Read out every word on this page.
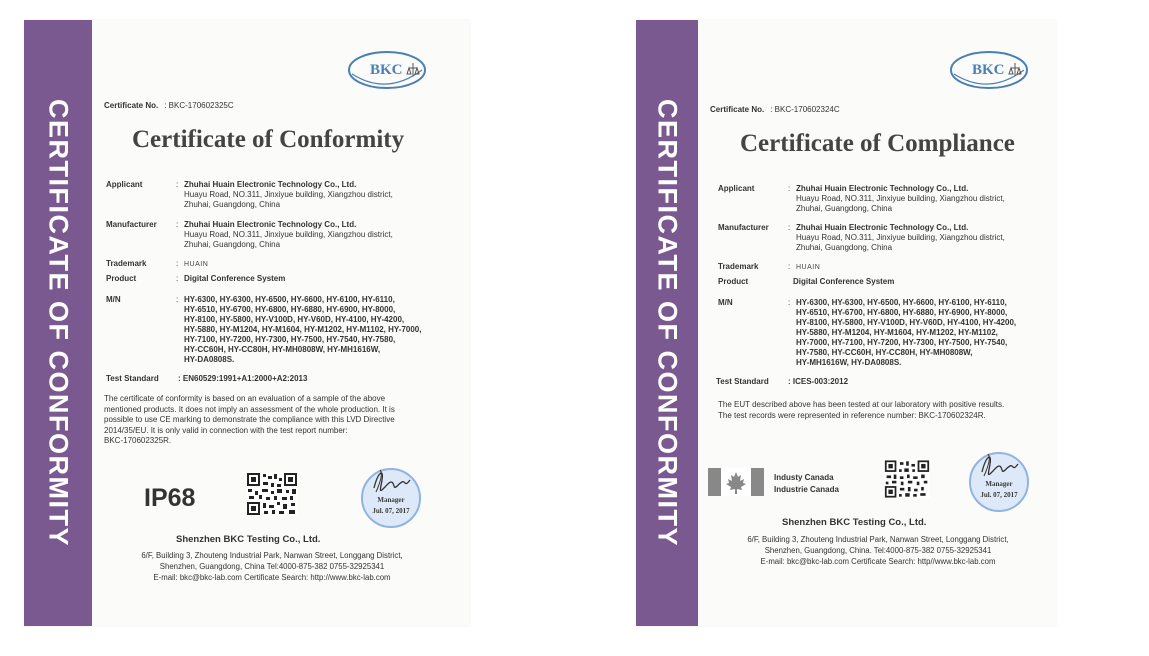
CERTIFICATE OF CONFORMITY
BKC
Certificate No. : BKC-170602325C
Certificate of Conformity
Applicant	: Zhuhai Huain Electronic Technology Co., Ltd.
Huayu Road, NO.311, Jinxiyue building, Xiangzhou district,
Zhuhai, Guangdong, China
Manufacturer	: Zhuhai Huain Electronic Technology Co., Ltd.
Huayu Road, NO.311, Jinxiyue building, Xiangzhou district,
Zhuhai, Guangdong, China
Trademark	: HUAIN
Product	: Digital Conference System
M/N	: HY-6300, HY-6300, HY-6500, HY-6600, HY-6100, HY-6110,
HY-6510, HY-6700, HY-6800, HY-6880, HY-6900, HY-8000,
HY-8100, HY-5800, HY-V100D, HY-V60D, HY-4100, HY-4200,
HY-5880, HY-M1204, HY-M1604, HY-M1202, HY-M1102, HY-7000,
HY-7100, HY-7200, HY-7300, HY-7500, HY-7540, HY-7580,
HY-CC60H, HY-CC80H, HY-MH0808W, HY-MH1616W,
HY-DA0808S.
Test Standard	: EN60529:1991+A1:2000+A2:2013
The certificate of conformity is based on an evaluation of a sample of the above
mentioned products. It does not imply an assessment of the whole production. It is
possible to use CE marking to demonstrate the compliance with this LVD Directive
2014/35/EU. It is only valid in connection with the test report number:
BKC-170602325R.
IP68	Manager
Jul. 07, 2017
Shenzhen BKC Testing Co., Ltd.
6/F, Building 3, Zhouteng Industrial Park, Nanwan Street, Longgang District,
Shenzhen, Guangdong, China Tel:4000-875-382 0755-32925341
E-mail: bkc@bkc-lab.com Certificate Search: http://www.bkc-lab.com
CERTIFICATE OF CONFORMITY
BKC
Certificate No. : BKC-170602324C
Certificate of Compliance
Applicant	: Zhuhai Huain Electronic Technology Co., Ltd.
Huayu Road, NO.311, Jinxiyue building, Xiangzhou district,
Zhuhai, Guangdong, China
Manufacturer	: Zhuhai Huain Electronic Technology Co., Ltd.
Huayu Road, NO.311, Jinxiyue building, Xiangzhou district,
Zhuhai, Guangdong, China
Trademark	: HUAIN
Product	Digital Conference System
M/N	: HY-6300, HY-6300, HY-6500, HY-6600, HY-6100, HY-6110,
HY-6510, HY-6700, HY-6800, HY-6880, HY-6900, HY-8000,
HY-8100, HY-5800, HY-V100D, HY-V60D, HY-4100, HY-4200,
HY-5880, HY-M1204, HY-M1604, HY-M1202, HY-M1102,
HY-7000, HY-7100, HY-7200, HY-7300, HY-7500, HY-7540,
HY-7580, HY-CC60H, HY-CC80H, HY-MH0808W,
HY-MH1616W, HY-DA0808S.
Test Standard	: ICES-003:2012
The EUT described above has been tested at our laboratory with positive results.
The test records were represented in reference number: BKC-170602324R.
Industy Canada
Industrie Canada
Manager
Jul. 07, 2017
Shenzhen BKC Testing Co., Ltd.
6/F, Building 3, Zhouteng Industrial Park, Nanwan Street, Longgang District,
Shenzhen, Guangdong, China. Tel:4000-875-382 0755-32925341
E-mail: bkc@bkc-lab.com Certificate Search: http//www.bkc-lab.com
